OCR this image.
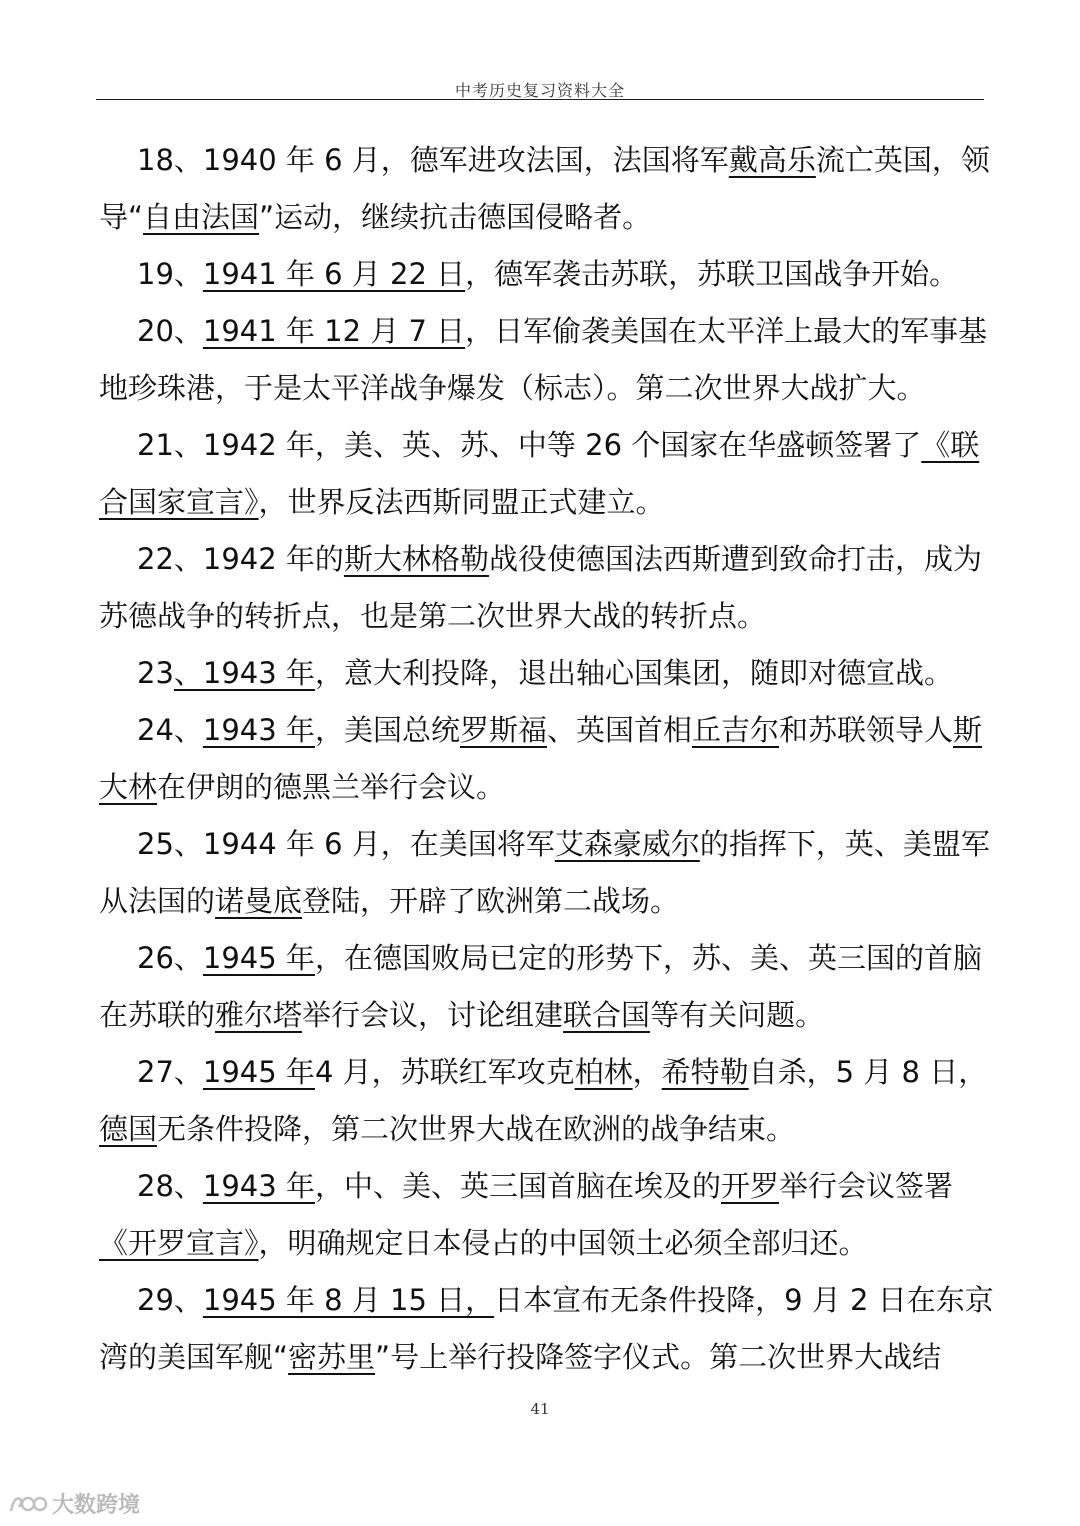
中考历史复习资料大全
18、1940 年 6 月，德军进攻法国，法国将军戴高乐流亡英国，领
导“自由法国”运动，继续抗击德国侵略者。
19、1941 年 6 月 22 日，德军袭击苏联，苏联卫国战争开始。
20、1941 年 12 月 7 日，日军偷袭美国在太平洋上最大的军事基
地珍珠港，于是太平洋战争爆发（标志）。第二次世界大战扩大。
21、1942 年，美、英、苏、中等 26 个国家在华盛顿签署了《联
合国家宣言》，世界反法西斯同盟正式建立。
22、1942 年的斯大林格勒战役使德国法西斯遭到致命打击，成为
苏德战争的转折点，也是第二次世界大战的转折点。
23、1943 年，意大利投降，退出轴心国集团，随即对德宣战。
24、1943 年，美国总统罗斯福、英国首相丘吉尔和苏联领导人斯
大林在伊朗的德黑兰举行会议。
25、1944 年 6 月，在美国将军艾森豪威尔的指挥下，英、美盟军
从法国的诺曼底登陆，开辟了欧洲第二战场。
26、1945 年，在德国败局已定的形势下，苏、美、英三国的首脑
在苏联的雅尔塔举行会议，讨论组建联合国等有关问题。
27、1945 年4 月，苏联红军攻克柏林，希特勒自杀，5 月 8 日，
德国无条件投降，第二次世界大战在欧洲的战争结束。
28、1943 年，中、美、英三国首脑在埃及的开罗举行会议签署
《开罗宣言》，明确规定日本侵占的中国领土必须全部归还。
29、1945 年 8 月 15 日，日本宣布无条件投降，9 月 2 日在东京
湾的美国军舰“密苏里”号上举行投降签字仪式。第二次世界大战结
41
大数跨境
